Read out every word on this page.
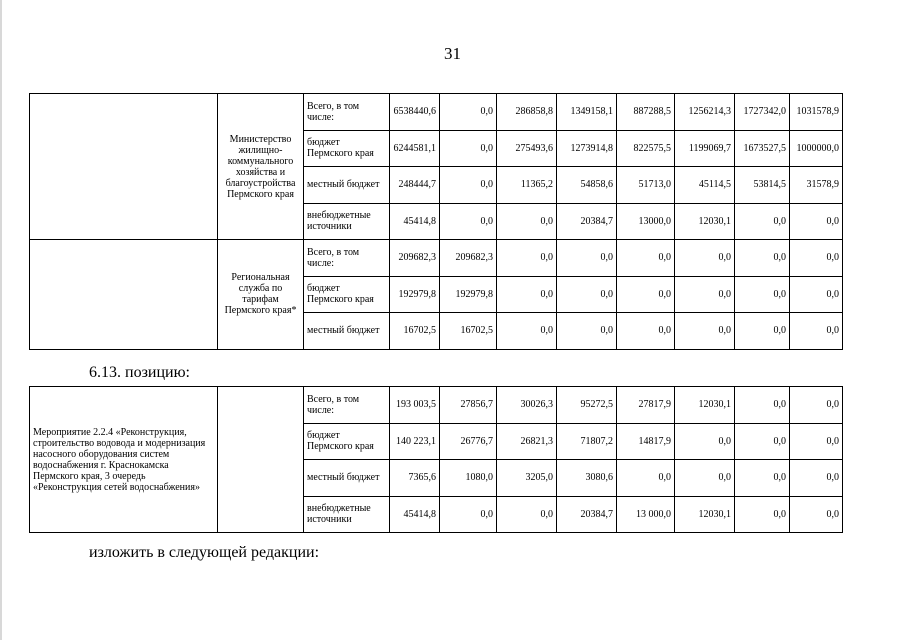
31
	Министерство жилищно-коммунального хозяйства и благоустройства Пермского края	Всего, в том числе:	6538440,6	0,0	286858,8	1349158,1	887288,5	1256214,3	1727342,0	1031578,9
		бюджет Пермского края	6244581,1	0,0	275493,6	1273914,8	822575,5	1199069,7	1673527,5	1000000,0
		местный бюджет	248444,7	0,0	11365,2	54858,6	51713,0	45114,5	53814,5	31578,9
		внебюджетные источники	45414,8	0,0	0,0	20384,7	13000,0	12030,1	0,0	0,0
	Региональная служба по тарифам Пермского края*	Всего, в том числе:	209682,3	209682,3	0,0	0,0	0,0	0,0	0,0	0,0
		бюджет Пермского края	192979,8	192979,8	0,0	0,0	0,0	0,0	0,0	0,0
		местный бюджет	16702,5	16702,5	0,0	0,0	0,0	0,0	0,0	0,0
6.13. позицию:
Мероприятие 2.2.4 «Реконструкция, строительство водовода и модернизация насосного оборудования систем водоснабжения г. Краснокамска Пермского края, 3 очередь «Реконструкция сетей водоснабжения»		Всего, в том числе:	193 003,5	27856,7	30026,3	95272,5	27817,9	12030,1	0,0	0,0
		бюджет Пермского края	140 223,1	26776,7	26821,3	71807,2	14817,9	0,0	0,0	0,0
		местный бюджет	7365,6	1080,0	3205,0	3080,6	0,0	0,0	0,0	0,0
		внебюджетные источники	45414,8	0,0	0,0	20384,7	13 000,0	12030,1	0,0	0,0
изложить в следующей редакции:
